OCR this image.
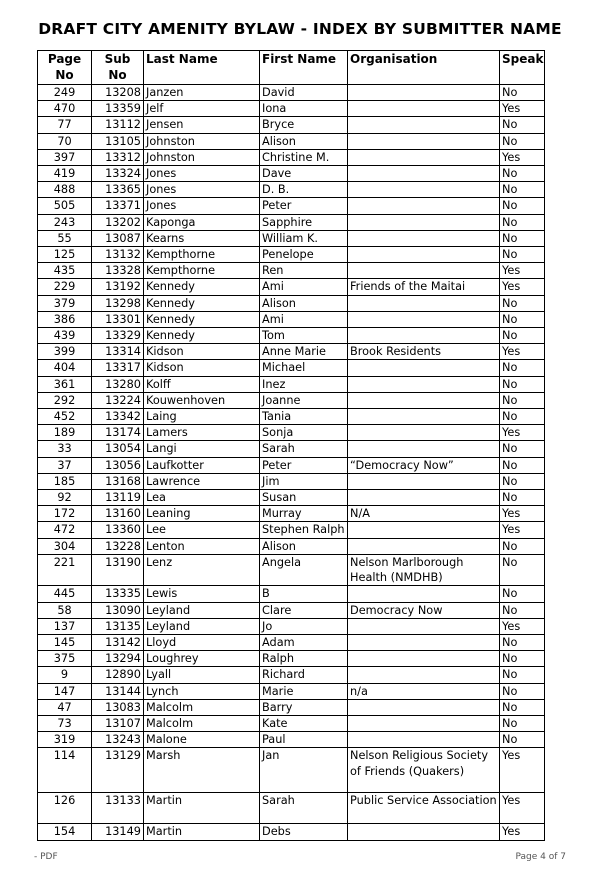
DRAFT CITY AMENITY BYLAW - INDEX BY SUBMITTER NAME
Page No	Sub No	Last Name	First Name	Organisation	Speak
249	13208	Janzen	David		No
470	13359	Jelf	Iona		Yes
77	13112	Jensen	Bryce		No
70	13105	Johnston	Alison		No
397	13312	Johnston	Christine M.		Yes
419	13324	Jones	Dave		No
488	13365	Jones	D. B.		No
505	13371	Jones	Peter		No
243	13202	Kaponga	Sapphire		No
55	13087	Kearns	William K.		No
125	13132	Kempthorne	Penelope		No
435	13328	Kempthorne	Ren		Yes
229	13192	Kennedy	Ami	Friends of the Maitai	Yes
379	13298	Kennedy	Alison		No
386	13301	Kennedy	Ami		No
439	13329	Kennedy	Tom		No
399	13314	Kidson	Anne Marie	Brook Residents	Yes
404	13317	Kidson	Michael		No
361	13280	Kolff	Inez		No
292	13224	Kouwenhoven	Joanne		No
452	13342	Laing	Tania		No
189	13174	Lamers	Sonja		Yes
33	13054	Langi	Sarah		No
37	13056	Laufkotter	Peter	“Democracy Now”	No
185	13168	Lawrence	Jim		No
92	13119	Lea	Susan		No
172	13160	Leaning	Murray	N/A	Yes
472	13360	Lee	Stephen Ralph		Yes
304	13228	Lenton	Alison		No
221	13190	Lenz	Angela	Nelson Marlborough Health (NMDHB)	No
445	13335	Lewis	B		No
58	13090	Leyland	Clare	Democracy Now	No
137	13135	Leyland	Jo		Yes
145	13142	Lloyd	Adam		No
375	13294	Loughrey	Ralph		No
9	12890	Lyall	Richard		No
147	13144	Lynch	Marie	n/a	No
47	13083	Malcolm	Barry		No
73	13107	Malcolm	Kate		No
319	13243	Malone	Paul		No
114	13129	Marsh	Jan	Nelson Religious Society of Friends (Quakers)	Yes
126	13133	Martin	Sarah	Public Service Association	Yes
154	13149	Martin	Debs		Yes
- PDF	Page 4 of 7
